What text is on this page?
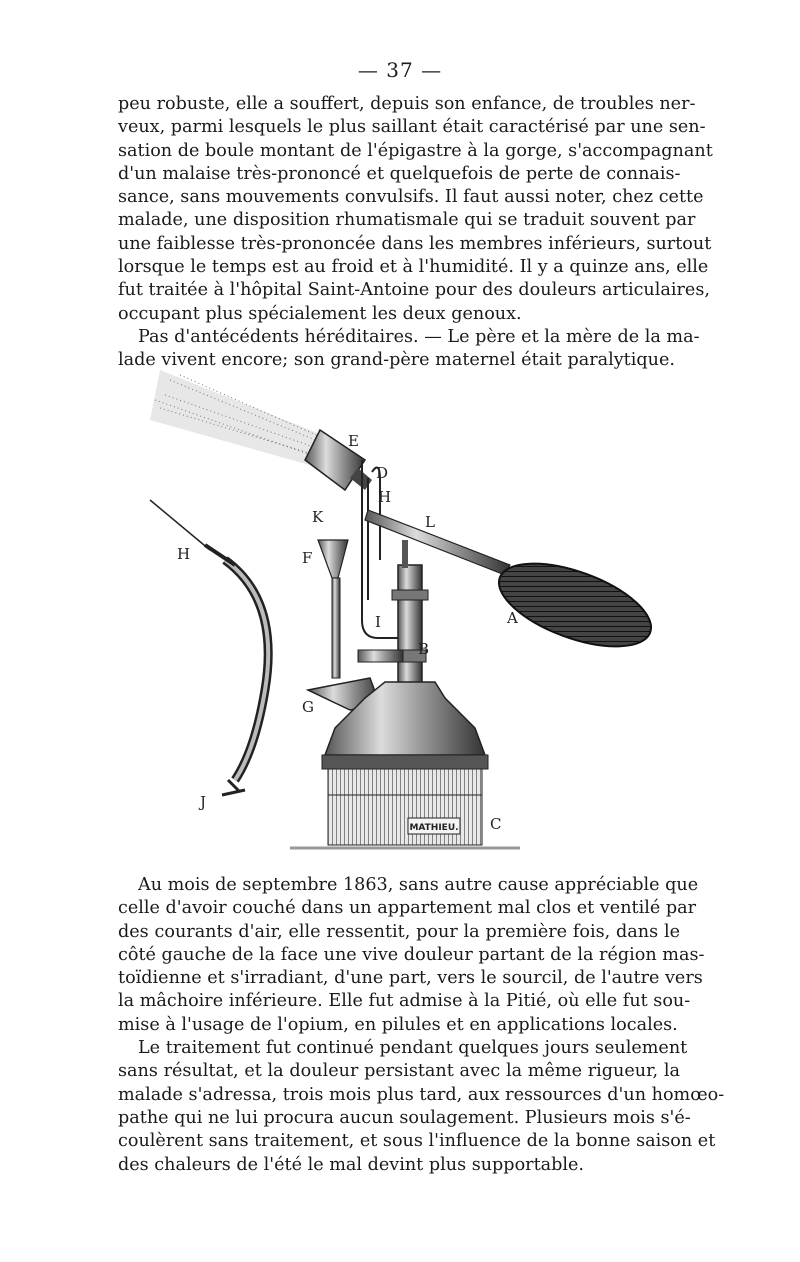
— 37 —
peu robuste, elle a souffert, depuis son enfance, de troubles ner-
veux, parmi lesquels le plus saillant était caractérisé par une sen-
sation de boule montant de l'épigastre à la gorge, s'accompagnant
d'un malaise très-prononcé et quelquefois de perte de connais-
sance, sans mouvements convulsifs. Il faut aussi noter, chez cette
malade, une disposition rhumatismale qui se traduit souvent par
une faiblesse très-prononcée dans les membres inférieurs, surtout
lorsque le temps est au froid et à l'humidité. Il y a quinze ans, elle
fut traitée à l'hôpital Saint-Antoine pour des douleurs articulaires,
occupant plus spécialement les deux genoux.
Pas d'antécédents héréditaires. — Le père et la mère de la ma-
lade vivent encore; son grand-père maternel était paralytique.
MATHIEU.
E
D
H
K	L
H	F
I	A
B
G
J
C
Au mois de septembre 1863, sans autre cause appréciable que
celle d'avoir couché dans un appartement mal clos et ventilé par
des courants d'air, elle ressentit, pour la première fois, dans le
côté gauche de la face une vive douleur partant de la région mas-
toïdienne et s'irradiant, d'une part, vers le sourcil, de l'autre vers
la mâchoire inférieure. Elle fut admise à la Pitié, où elle fut sou-
mise à l'usage de l'opium, en pilules et en applications locales.
Le traitement fut continué pendant quelques jours seulement
sans résultat, et la douleur persistant avec la même rigueur, la
malade s'adressa, trois mois plus tard, aux ressources d'un homœo-
pathe qui ne lui procura aucun soulagement. Plusieurs mois s'é-
coulèrent sans traitement, et sous l'influence de la bonne saison et
des chaleurs de l'été le mal devint plus supportable.
